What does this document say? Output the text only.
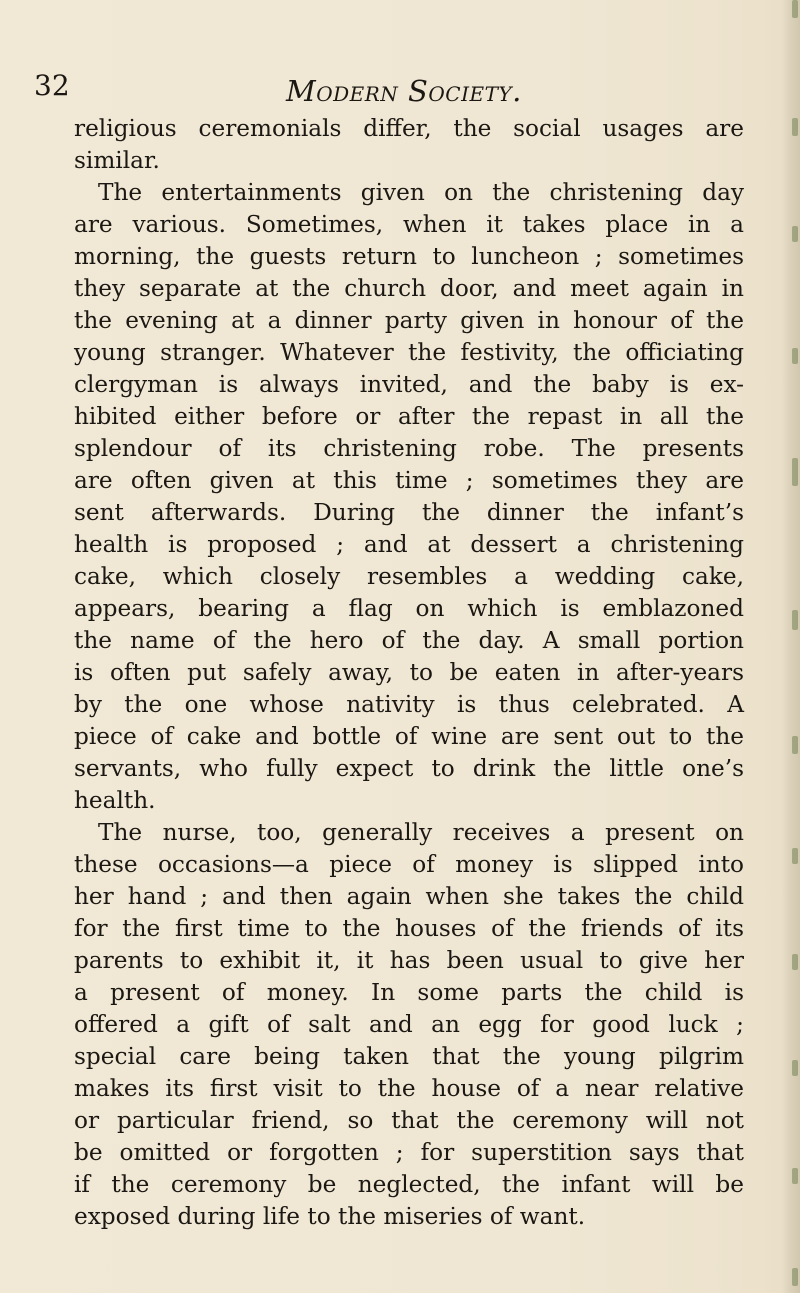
32	Modern Society.
religious ceremonials differ, the social usages are
similar.
The entertainments given on the christening day
are various. Sometimes, when it takes place in a
morning, the guests return to luncheon ; sometimes
they separate at the church door, and meet again in
the evening at a dinner party given in honour of the
young stranger. Whatever the festivity, the officiating
clergyman is always invited, and the baby is ex-
hibited either before or after the repast in all the
splendour of its christening robe. The presents
are often given at this time ; sometimes they are
sent afterwards. During the dinner the infant’s
health is proposed ; and at dessert a christening
cake, which closely resembles a wedding cake,
appears, bearing a flag on which is emblazoned
the name of the hero of the day. A small portion
is often put safely away, to be eaten in after-years
by the one whose nativity is thus celebrated. A
piece of cake and bottle of wine are sent out to the
servants, who fully expect to drink the little one’s
health.
The nurse, too, generally receives a present on
these occasions—a piece of money is slipped into
her hand ; and then again when she takes the child
for the first time to the houses of the friends of its
parents to exhibit it, it has been usual to give her
a present of money. In some parts the child is
offered a gift of salt and an egg for good luck ;
special care being taken that the young pilgrim
makes its first visit to the house of a near relative
or particular friend, so that the ceremony will not
be omitted or forgotten ; for superstition says that
if the ceremony be neglected, the infant will be
exposed during life to the miseries of want.
